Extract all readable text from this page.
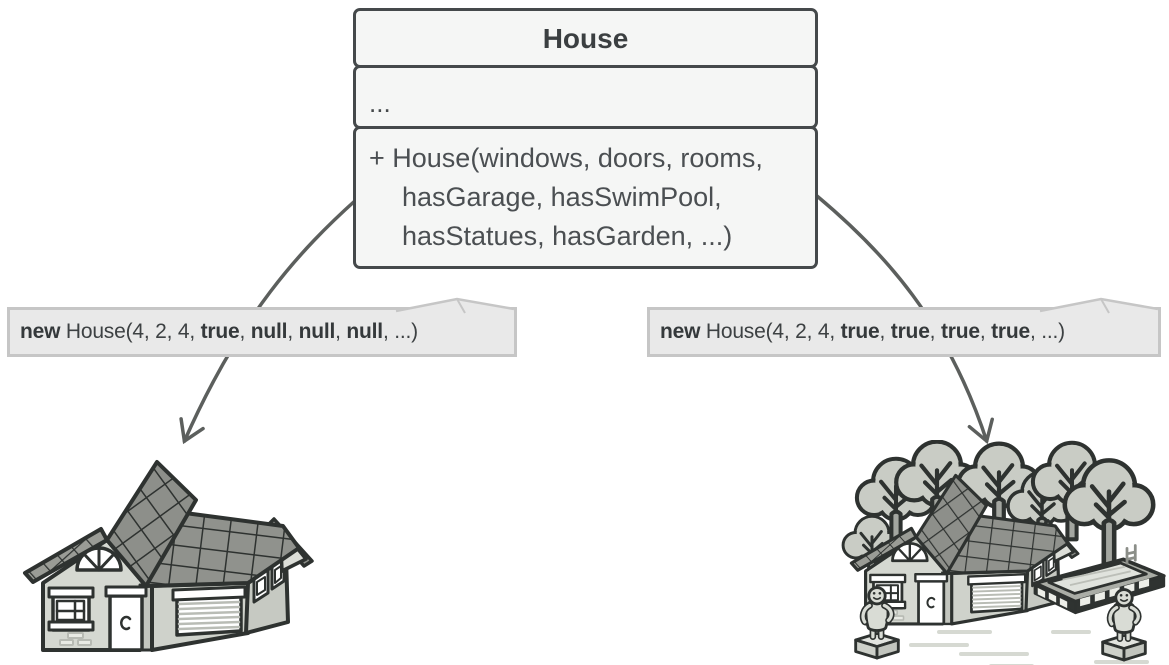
House
...
+ House(windows, doors, rooms,
hasGarage, hasSwimPool,
hasStatues, hasGarden, ...)
new House(4, 2, 4, true, null, null, null, ...)	new House(4, 2, 4, true, true, true, true, ...)
